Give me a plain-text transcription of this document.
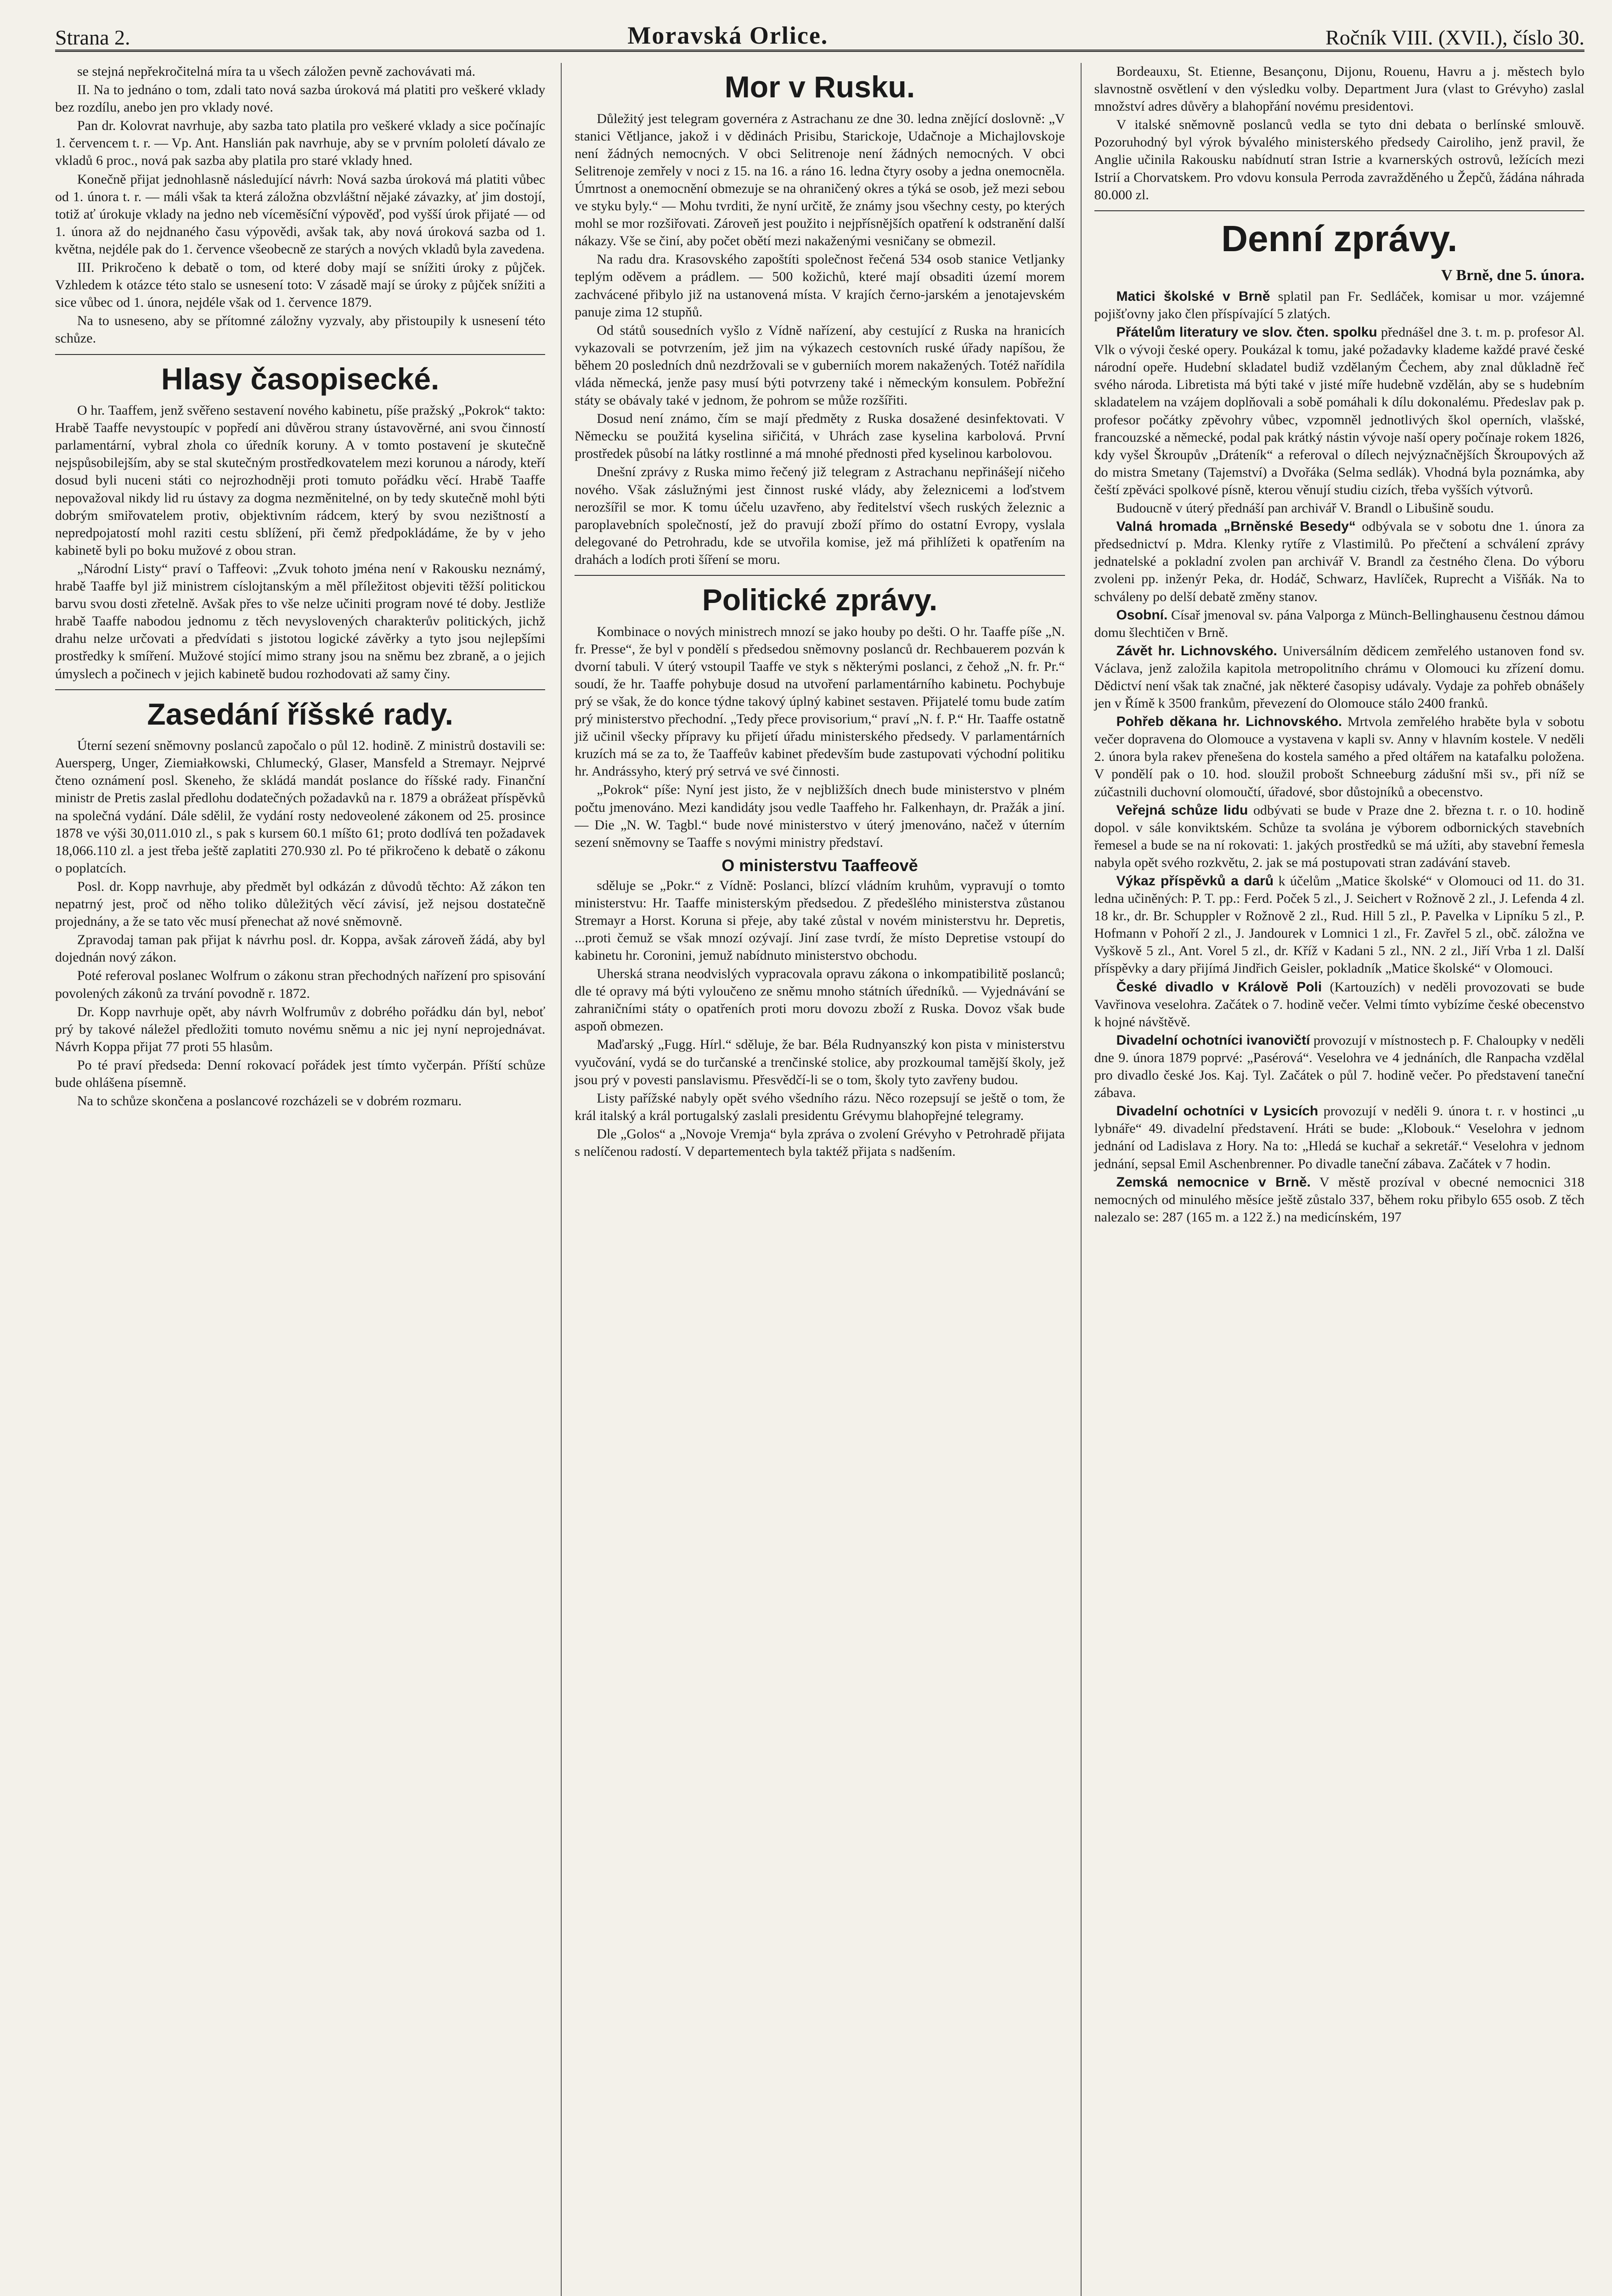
Strana 2.	Moravská Orlice.	Ročník VIII. (XVII.), číslo 30.

se stejná nepřekročitelná míra ta u všech záložen pevně zachovávati má.

II. Na to jednáno o tom, zdali tato nová sazba úroková má platiti pro veškeré vklady bez rozdílu, anebo jen pro vklady nové.

Pan dr. Kolovrat navrhuje, aby sazba tato platila pro veškeré vklady a sice počínajíc 1. červencem t. r. — Vp. Ant. Hanslián pak navrhuje, aby se v prvním pololetí dávalo ze vkladů 6 proc., nová pak sazba aby platila pro staré vklady hned.

Konečně přijat jednohlasně následující návrh: Nová sazba úroková má platiti vůbec od 1. února t. r. — máli však ta která záložna obzvláštní nějaké závazky, ať jim dostojí, totiž ať úrokuje vklady na jedno neb víceměsíční výpověď, pod vyšší úrok přijaté — od 1. února až do nejdnaného času výpovědi, avšak tak, aby nová úroková sazba od 1. května, nejdéle pak do 1. července všeobecně ze starých a nových vkladů byla zavedena.

III. Prikročeno k debatě o tom, od které doby mají se snížiti úroky z půjček. Vzhledem k otázce této stalo se usnesení toto: V zásadě mají se úroky z půjček snížiti a sice vůbec od 1. února, nejdéle však od 1. července 1879.

Na to usneseno, aby se přítomné záložny vyzvaly, aby přistoupily k usnesení této schůze.

Hlasy časopisecké.

O hr. Taaffem, jenž svěřeno sestavení nového kabinetu, píše pražský „Pokrok“ takto: Hrabě Taaffe nevystoupíc v popředí ani důvěrou strany ústavověrné, ani svou činností parlamentární, vybral zhola co úředník koruny. A v tomto postavení je skutečně nejspůsobilejším, aby se stal skutečným prostředkovatelem mezi korunou a národy, kteří dosud byli nuceni státi co nejrozhodněji proti tomuto pořádku věcí. Hrabě Taaffe nepovažoval nikdy lid ru ústavy za dogma nezměnitelné, on by tedy skutečně mohl býti dobrým smiřovatelem protiv, objektivním rádcem, který by svou nezištností a nepredpojatostí mohl raziti cestu sblížení, při čemž předpokládáme, že by v jeho kabinetě byli po boku mužové z obou stran.

„Národní Listy“ praví o Taffeovi: „Zvuk tohoto jména není v Rakousku neznámý, hrabě Taaffe byl již ministrem císlojtanským a měl příležitost objeviti těžší politickou barvu svou dosti zřetelně. Avšak přes to vše nelze učiniti program nové té doby. Jestliže hrabě Taaffe nabodou jednomu z těch nevyslovených charakterův politických, jichž drahu nelze určovati a předvídati s jistotou logické závěrky a tyto jsou nejlepšími prostředky k smíření. Mužové stojící mimo strany jsou na sněmu bez zbraně, a o jejich úmyslech a počinech v jejich kabinetě budou rozhodovati až samy činy.

Zasedání říšské rady.

Úterní sezení sněmovny poslanců započalo o půl 12. hodině. Z ministrů dostavili se: Auersperg, Unger, Ziemiałkowski, Chlumecký, Glaser, Mansfeld a Stremayr. Nejprvé čteno oznámení posl. Skeneho, že skládá mandát poslance do říšské rady. Finanční ministr de Pretis zaslal předlohu dodatečných požadavků na r. 1879 a obrážeat příspěvků na společná vydání. Dále sdělil, že vydání rosty nedoveolené zákonem od 25. prosince 1878 ve výši 30,011.010 zl., s pak s kursem 60.1 míšto 61; proto dodlívá ten požadavek 18,066.110 zl. a jest třeba ještě zaplatiti 270.930 zl. Po té přikročeno k debatě o zákonu o poplatcích.

Posl. dr. Kopp navrhuje, aby předmět byl odkázán z důvodů těchto: Až zákon ten nepatrný jest, proč od něho toliko důležitých věcí závisí, jež nejsou dostatečně projednány, a že se tato věc musí přenechat až nové sněmovně.

Zpravodaj taman pak přijat k návrhu posl. dr. Koppa, avšak zároveň žádá, aby byl dojednán nový zákon.

Poté referoval poslanec Wolfrum o zákonu stran přechodných nařízení pro spisování povolených zákonů za trvání povodně r. 1872.

Dr. Kopp navrhuje opět, aby návrh Wolfrumův z dobrého pořádku dán byl, neboť prý by takové náležel předložiti tomuto novému sněmu a nic jej nyní neprojednávat. Návrh Koppa přijat 77 proti 55 hlasům.

Po té praví předseda: Denní rokovací pořádek jest tímto vyčerpán. Příští schůze bude ohlášena písemně.

Na to schůze skončena a poslancové rozcházeli se v dobrém rozmaru.

Mor v Rusku.

Důležitý jest telegram governéra z Astrachanu ze dne 30. ledna znějící doslovně: „V stanici Větljance, jakož i v dědinách Prisibu, Starickoje, Udačnoje a Michajlovskoje není žádných nemocných. V obci Selitrenoje není žádných nemocných. V obci Selitrenoje zemřely v noci z 15. na 16. a ráno 16. ledna čtyry osoby a jedna onemocněla. Úmrtnost a onemocnění obmezuje se na ohraničený okres a týká se osob, jež mezi sebou ve styku byly.“ — Mohu tvrditi, že nyní určitě, že známy jsou všechny cesty, po kterých mohl se mor rozšiřovati. Zároveň jest použito i nejpřísnějších opatření k odstranění další nákazy. Vše se činí, aby počet obětí mezi nakaženými vesničany se obmezil.

Na radu dra. Krasovského zapoštíti společnost řečená 534 osob stanice Vetljanky teplým oděvem a prádlem. — 500 kožichů, které mají obsaditi území morem zachvácené přibylo již na ustanovená místa. V krajích černo-jarském a jenotajevském panuje zima 12 stupňů.

Od států sousedních vyšlo z Vídně nařízení, aby cestující z Ruska na hranicích vykazovali se potvrzením, jež jim na výkazech cestovních ruské úřady napíšou, že během 20 posledních dnů nezdržovali se v guberniích morem nakažených. Totéž nařídila vláda německá, jenže pasy musí býti potvrzeny také i německým konsulem. Pobřežní státy se obávaly také v jednom, že pohrom se může rozšířiti.

Dosud není známo, čím se mají předměty z Ruska dosažené desinfektovati. V Německu se použitá kyselina siřičitá, v Uhrách zase kyselina karbolová. První prostředek působí na látky rostlinné a má mnohé přednosti před kyselinou karbolovou.

Dnešní zprávy z Ruska mimo řečený již telegram z Astrachanu nepřinášejí ničeho nového. Však záslužnými jest činnost ruské vlády, aby železnicemi a loďstvem nerozšířil se mor. K tomu účelu uzavřeno, aby ředitelství všech ruských železnic a paroplavebních společností, jež do pravují zboží přímo do ostatní Evropy, vyslala delegované do Petrohradu, kde se utvořila komise, jež má přihlížeti k opatřením na drahách a lodích proti šíření se moru.

Politické zprávy.

Kombinace o nových ministrech mnozí se jako houby po dešti. O hr. Taaffe píše „N. fr. Presse“, že byl v pondělí s předsedou sněmovny poslanců dr. Rechbauerem pozván k dvorní tabuli. V úterý vstoupil Taaffe ve styk s některými poslanci, z čehož „N. fr. Pr.“ soudí, že hr. Taaffe pohybuje dosud na utvoření parlamentárního kabinetu. Pochybuje prý se však, že do konce týdne takový úplný kabinet sestaven. Přijatelé tomu bude zatím prý ministerstvo přechodní. „Tedy přece provisorium,“ praví „N. f. P.“ Hr. Taaffe ostatně již učinil všecky přípravy ku přijetí úřadu ministerského předsedy. V parlamentárních kruzích má se za to, že Taaffeův kabinet především bude zastupovati východní politiku hr. Andrássyho, který prý setrvá ve své činnosti.

„Pokrok“ píše: Nyní jest jisto, že v nejbližších dnech bude ministerstvo v plném počtu jmenováno. Mezi kandidáty jsou vedle Taaffeho hr. Falkenhayn, dr. Pražák a jiní. — Die „N. W. Tagbl.“ bude nové ministerstvo v úterý jmenováno, načež v úterním sezení sněmovny se Taaffe s novými ministry představí.

O ministerstvu Taaffeově

sděluje se „Pokr.“ z Vídně: Poslanci, blízcí vládním kruhům, vypravují o tomto ministerstvu: Hr. Taaffe ministerským předsedou. Z předešlého ministerstva zůstanou Stremayr a Horst. Koruna si přeje, aby také zůstal v novém ministerstvu hr. Depretis, ...proti čemuž se však mnozí ozývají. Jiní zase tvrdí, že místo Depretise vstoupí do kabinetu hr. Coronini, jemuž nabídnuto ministerstvo obchodu.

Uherská strana neodvislých vypracovala opravu zákona o inkompatibilitě poslanců; dle té opravy má býti vyloučeno ze sněmu mnoho státních úředníků. — Vyjednávání se zahraničními státy o opatřeních proti moru dovozu zboží z Ruska. Dovoz však bude aspoň obmezen.

Maďarský „Fugg. Hírl.“ sděluje, že bar. Béla Rudnyanszký kon pista v ministerstvu vyučování, vydá se do turčanské a trenčinské stolice, aby prozkoumal tamější školy, jež jsou prý v povesti panslavismu. Přesvědčí-li se o tom, školy tyto zavřeny budou.

Listy pařížské nabyly opět svého všedního rázu. Něco rozepsují se ještě o tom, že král italský a král portugalský zaslali presidentu Grévymu blahopřejné telegramy.

Dle „Golos“ a „Novoje Vremja“ byla zpráva o zvolení Grévyho v Petrohradě přijata s nelíčenou radostí. V departementech byla taktéž přijata s nadšením.

Bordeauxu, St. Etienne, Besançonu, Dijonu, Rouenu, Havru a j. městech bylo slavnostně osvětlení v den výsledku volby. Department Jura (vlast to Grévyho) zaslal množství adres důvěry a blahopřání novému presidentovi.

V italské sněmovně poslanců vedla se tyto dni debata o berlínské smlouvě. Pozoruhodný byl výrok bývalého ministerského předsedy Cairoliho, jenž pravil, že Anglie učinila Rakousku nabídnutí stran Istrie a kvarnerských ostrovů, ležících mezi Istrií a Chorvatskem. Pro vdovu konsula Perroda zavražděného u Žepčů, žádána náhrada 80.000 zl.

Denní zprávy.
V Brně, dne 5. února.

Matici školské v Brně splatil pan Fr. Sedláček, komisar u mor. vzájemné pojišťovny jako člen příspívající 5 zlatých.

Přátelům literatury ve slov. čten. spolku přednášel dne 3. t. m. p. profesor Al. Vlk o vývoji české opery. Poukázal k tomu, jaké požadavky klademe každé pravé české národní opeře. Hudební skladatel budiž vzdělaným Čechem, aby znal důkladně řeč svého národa. Libretista má býti také v jisté míře hudebně vzdělán, aby se s hudebním skladatelem na vzájem doplňovali a sobě pomáhali k dílu dokonalému. Předeslav pak p. profesor počátky zpěvohry vůbec, vzpomněl jednotlivých škol operních, vlašské, francouzské a německé, podal pak krátký nástin vývoje naší opery počínaje rokem 1826, kdy vyšel Škroupův „Dráteník“ a referoval o dílech nejvýznačnějších Škroupových až do mistra Smetany (Tajemství) a Dvořáka (Selma sedlák). Vhodná byla poznámka, aby čeští zpěváci spolkové písně, kterou věnují studiu cizích, třeba vyšších výtvorů.

Budoucně v úterý přednáší pan archivář V. Brandl o Libušině soudu.

Valná hromada „Brněnské Besedy“ odbývala se v sobotu dne 1. února za předsednictví p. Mdra. Klenky rytíře z Vlastimilů. Po přečtení a schválení zprávy jednatelské a pokladní zvolen pan archivář V. Brandl za čestného člena. Do výboru zvoleni pp. inženýr Peka, dr. Hodáč, Schwarz, Havlíček, Ruprecht a Višňák. Na to schváleny po delší debatě změny stanov.

Osobní. Císař jmenoval sv. pána Valporga z Münch-Bellinghausenu čestnou dámou domu šlechtičen v Brně.

Závět hr. Lichnovského. Universálním dědicem zemřelého ustanoven fond sv. Václava, jenž založila kapitola metropolitního chrámu v Olomouci ku zřízení domu. Dědictví není však tak značné, jak některé časopisy udávaly. Vydaje za pohřeb obnášely jen v Římě k 3500 frankům, převezení do Olomouce stálo 2400 franků.

Pohřeb děkana hr. Lichnovského. Mrtvola zemřelého hraběte byla v sobotu večer dopravena do Olomouce a vystavena v kapli sv. Anny v hlavním kostele. V neděli 2. února byla rakev přenešena do kostela samého a před oltářem na katafalku položena. V pondělí pak o 10. hod. sloužil probošt Schneeburg zádušní mši sv., při níž se zúčastnili duchovní olomoučtí, úřadové, sbor důstojníků a obecenstvo.

Veřejná schůze lidu odbývati se bude v Praze dne 2. března t. r. o 10. hodině dopol. v sále konviktském. Schůze ta svolána je výborem odbornických stavebních řemesel a bude se na ní rokovati: 1. jakých prostředků se má užíti, aby stavební řemesla nabyla opět svého rozkvětu, 2. jak se má postupovati stran zadávání staveb.

Výkaz příspěvků a darů k účelům „Matice školské“ v Olomouci od 11. do 31. ledna učiněných: P. T. pp.: Ferd. Poček 5 zl., J. Seichert v Rožnově 2 zl., J. Lefenda 4 zl. 18 kr., dr. Br. Schuppler v Rožnově 2 zl., Rud. Hill 5 zl., P. Pavelka v Lipníku 5 zl., P. Hofmann v Pohoří 2 zl., J. Jandourek v Lomnici 1 zl., Fr. Zavřel 5 zl., obč. záložna ve Vyškově 5 zl., Ant. Vorel 5 zl., dr. Kříž v Kadani 5 zl., NN. 2 zl., Jiří Vrba 1 zl. Další příspěvky a dary přijímá Jindřich Geisler, pokladník „Matice školské“ v Olomouci.

České divadlo v Králově Poli (Kartouzích) v neděli provozovati se bude Vavřinova veselohra. Začátek o 7. hodině večer. Velmi tímto vybízíme české obecenstvo k hojné návštěvě.

Divadelní ochotníci ivanovičtí provozují v místnostech p. F. Chaloupky v neděli dne 9. února 1879 poprvé: „Pasérová“. Veselohra ve 4 jednáních, dle Ranpacha vzdělal pro divadlo české Jos. Kaj. Tyl. Začátek o půl 7. hodině večer. Po představení taneční zábava.

Divadelní ochotníci v Lysicích provozují v neděli 9. února t. r. v hostinci „u lybnáře“ 49. divadelní představení. Hráti se bude: „Klobouk.“ Veselohra v jednom jednání od Ladislava z Hory. Na to: „Hledá se kuchař a sekretář.“ Veselohra v jednom jednání, sepsal Emil Aschenbrenner. Po divadle taneční zábava. Začátek v 7 hodin.

Zemská nemocnice v Brně. V městě prozíval v obecné nemocnici 318 nemocných od minulého měsíce ještě zůstalo 337, během roku přibylo 655 osob. Z těch nalezalo se: 287 (165 m. a 122 ž.) na medicínském, 197
